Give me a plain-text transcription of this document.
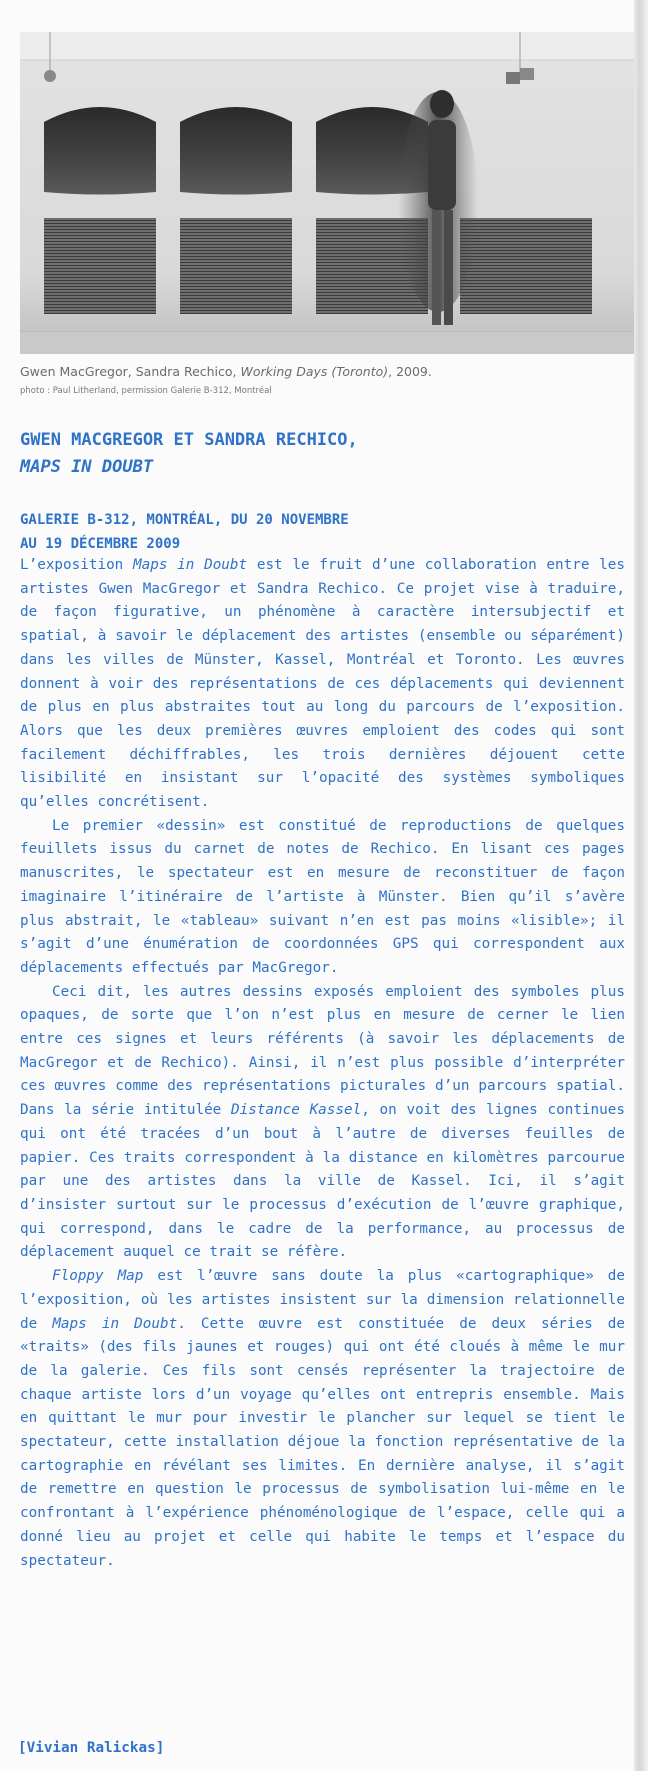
Gwen MacGregor, Sandra Rechico, Working Days (Toronto), 2009.
photo : Paul Litherland, permission Galerie B-312, Montréal
GWEN MACGREGOR ET SANDRA RECHICO,
MAPS IN DOUBT
GALERIE B-312, MONTRÉAL, DU 20 NOVEMBRE
AU 19 DÉCEMBRE 2009

L’exposition Maps in Doubt est le fruit d’une collaboration entre les artistes Gwen MacGregor et Sandra Rechico. Ce projet vise à traduire, de façon figurative, un phénomène à caractère intersubjectif et spatial, à savoir le déplacement des artistes (ensemble ou séparément) dans les villes de Münster, Kassel, Montréal et Toronto. Les œuvres donnent à voir des représentations de ces déplacements qui deviennent de plus en plus abstraites tout au long du parcours de l’exposition. Alors que les deux premières œuvres emploient des codes qui sont facilement déchiffrables, les trois dernières déjouent cette lisibilité en insistant sur l’opacité des systèmes symboliques qu’elles concrétisent.

Le premier «dessin» est constitué de reproductions de quelques feuillets issus du carnet de notes de Rechico. En lisant ces pages manuscrites, le spectateur est en mesure de reconstituer de façon imaginaire l’itinéraire de l’artiste à Münster. Bien qu’il s’avère plus abstrait, le «tableau» suivant n’en est pas moins «lisible»; il s’agit d’une énumération de coordonnées GPS qui correspondent aux déplacements effectués par MacGregor.

Ceci dit, les autres dessins exposés emploient des symboles plus opaques, de sorte que l’on n’est plus en mesure de cerner le lien entre ces signes et leurs référents (à savoir les déplacements de MacGregor et de Rechico). Ainsi, il n’est plus possible d’interpréter ces œuvres comme des représentations picturales d’un parcours spatial. Dans la série intitulée Distance Kassel, on voit des lignes continues qui ont été tracées d’un bout à l’autre de diverses feuilles de papier. Ces traits correspondent à la distance en kilomètres parcourue par une des artistes dans la ville de Kassel. Ici, il s’agit d’insister surtout sur le processus d’exécution de l’œuvre graphique, qui correspond, dans le cadre de la performance, au processus de déplacement auquel ce trait se réfère.

Floppy Map est l’œuvre sans doute la plus «cartographique» de l’exposition, où les artistes insistent sur la dimension relationnelle de Maps in Doubt. Cette œuvre est constituée de deux séries de «traits» (des fils jaunes et rouges) qui ont été cloués à même le mur de la galerie. Ces fils sont censés représenter la trajectoire de chaque artiste lors d’un voyage qu’elles ont entrepris ensemble. Mais en quittant le mur pour investir le plancher sur lequel se tient le spectateur, cette installation déjoue la fonction représentative de la cartographie en révélant ses limites. En dernière analyse, il s’agit de remettre en question le processus de symbolisation lui-même en le confrontant à l’expérience phénoménologique de l’espace, celle qui a donné lieu au projet et celle qui habite le temps et l’espace du spectateur.

[Vivian Ralickas]
